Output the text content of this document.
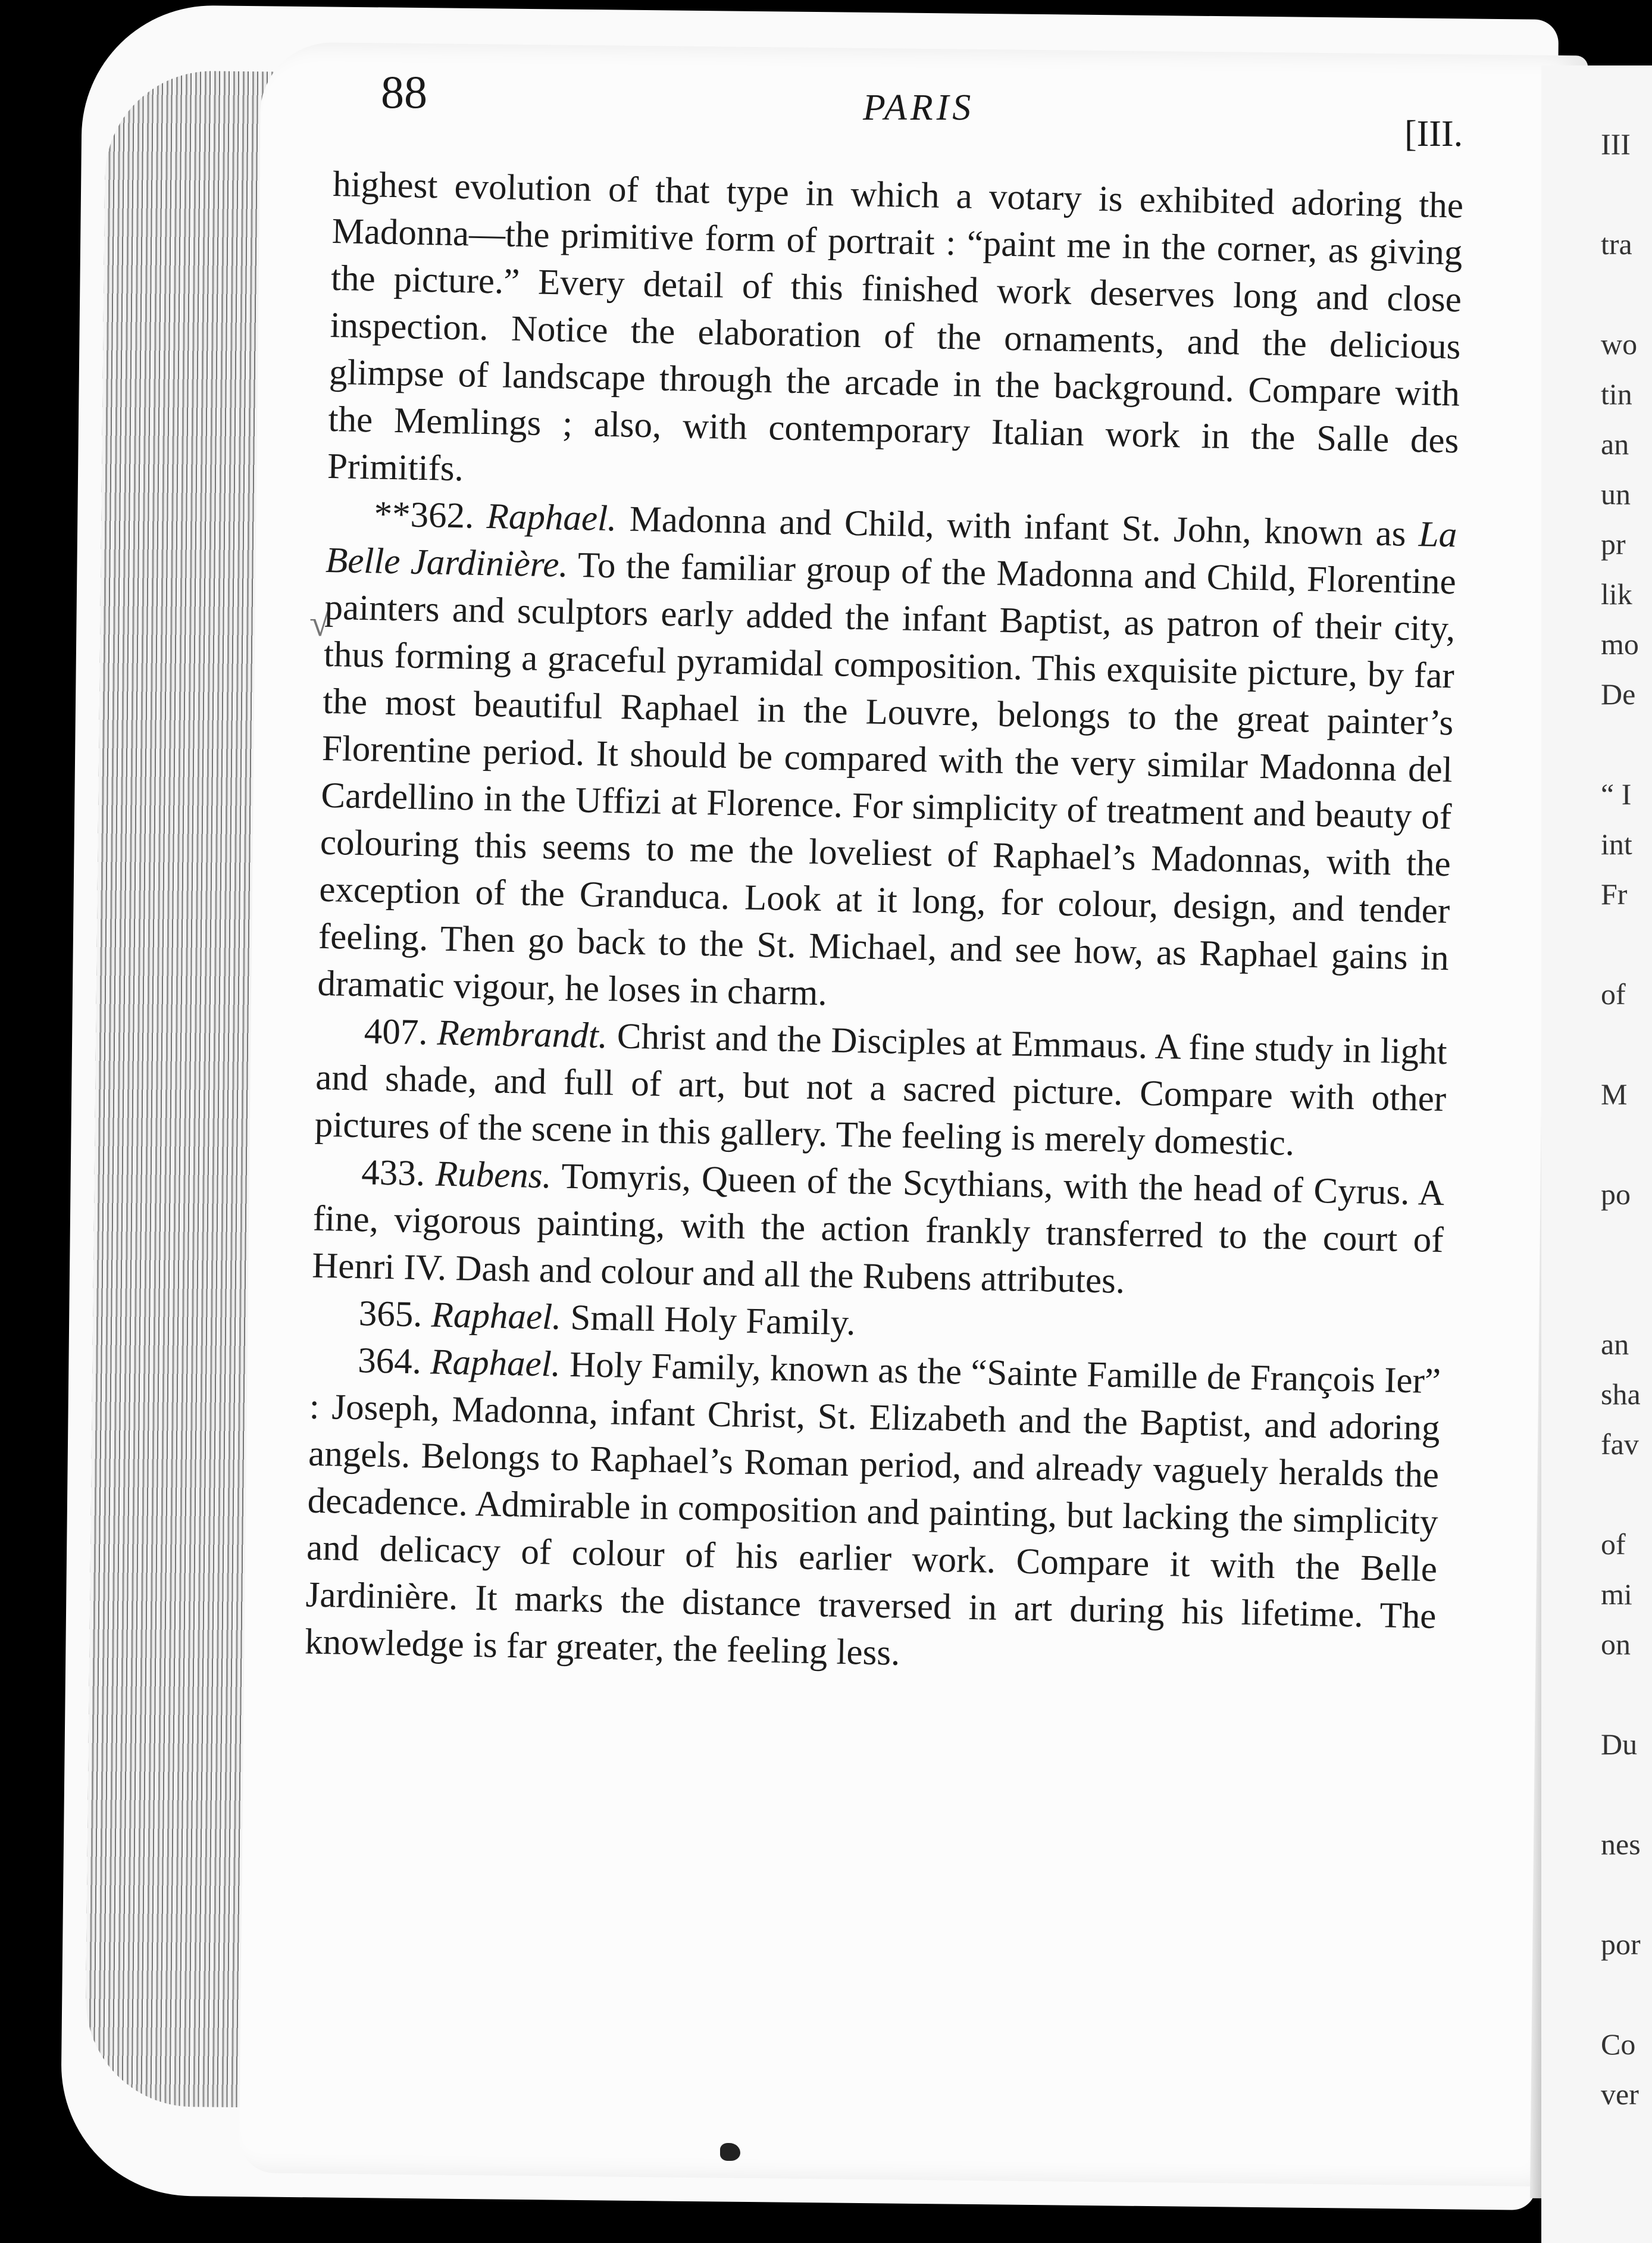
88	PARIS
[III.
√

highest evolution of that type in which a votary is exhibited adoring the Madonna—the primitive form of portrait : “paint me in the corner, as giving the picture.” Every detail of this finished work deserves long and close inspection. Notice the elaboration of the ornaments, and the delicious glimpse of landscape through the arcade in the background. Compare with the Memlings ; also, with contemporary Italian work in the Salle des Primitifs.

**362. Raphael. Madonna and Child, with infant St. John, known as La Belle Jardinière. To the familiar group of the Madonna and Child, Florentine painters and sculptors early added the infant Baptist, as patron of their city, thus forming a graceful pyramidal composition. This exquisite picture, by far the most beautiful Raphael in the Louvre, belongs to the great painter’s Florentine period. It should be compared with the very similar Madonna del Cardellino in the Uffizi at Florence. For simplicity of treatment and beauty of colouring this seems to me the loveliest of Raphael’s Madonnas, with the exception of the Granduca. Look at it long, for colour, design, and tender feeling. Then go back to the St. Michael, and see how, as Raphael gains in dramatic vigour, he loses in charm.

407. Rembrandt. Christ and the Disciples at Emmaus. A fine study in light and shade, and full of art, but not a sacred picture. Compare with other pictures of the scene in this gallery. The feeling is merely domestic.

433. Rubens. Tomyris, Queen of the Scythians, with the head of Cyrus. A fine, vigorous painting, with the action frankly transferred to the court of Henri IV. Dash and colour and all the Rubens attributes.

365. Raphael. Small Holy Family.

364. Raphael. Holy Family, known as the “Sainte Famille de François Ier” : Joseph, Madonna, infant Christ, St. Elizabeth and the Baptist, and adoring angels. Belongs to Raphael’s Roman period, and already vaguely heralds the decadence. Admirable in composition and painting, but lacking the simplicity and delicacy of colour of his earlier work. Compare it with the Belle Jardinière. It marks the distance traversed in art during his lifetime. The knowledge is far greater, the feeling less.

III
tra
wo
tin
an
un
pr
lik
mo
De
“ I
int
Fr
of
M
po
an
sha
fav
of
mi
on
Du
nes
por
Co
ver
